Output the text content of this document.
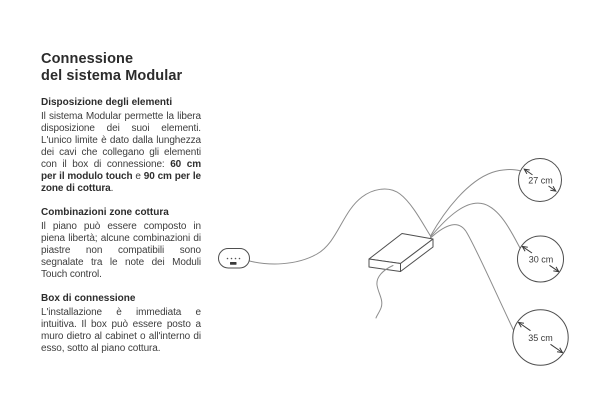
Connessione
del sistema Modular
Disposizione degli elementi

Il sistema Modular permette la libera disposizione dei suoi elementi. L'unico limite è dato dalla lunghezza dei cavi che collegano gli elementi con il box di connessione: 60 cm per il modulo touch e 90 cm per le zone di cottura.

Combinazioni zone cottura

Il piano può essere composto in piena libertà; alcune combinazioni di piastre non compatibili sono segnalate tra le note dei Moduli Touch control.

Box di connessione

L'installazione è immediata e intuitiva. Il box può essere posto a muro dietro al cabinet o all'interno di esso, sotto al piano cottura.

27 cm
30 cm
35 cm
